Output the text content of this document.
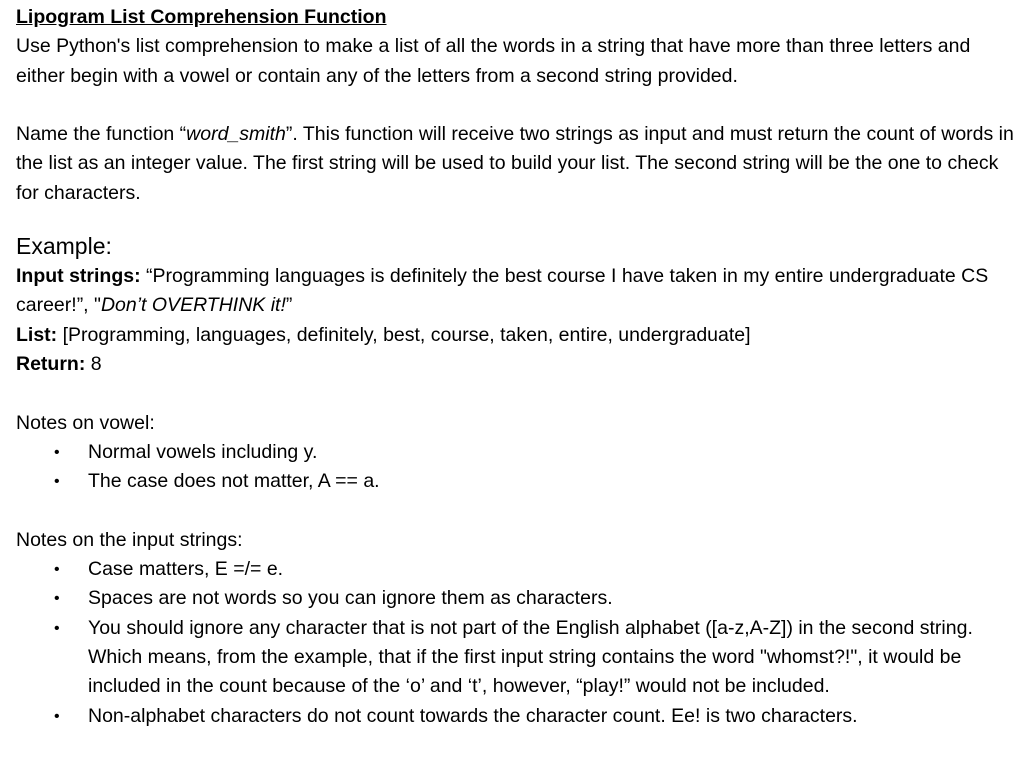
Lipogram List Comprehension Function

Use Python's list comprehension to make a list of all the words in a string that have more than three letters and either begin with a vowel or contain any of the letters from a second string provided.

Name the function “word_smith”. This function will receive two strings as input and must return the count of words in the list as an integer value. The first string will be used to build your list. The second string will be the one to check for characters.

Example:

Input strings: “Programming languages is definitely the best course I have taken in my entire undergraduate CS career!”, "Don’t OVERTHINK it!”

List: [Programming, languages, definitely, best, course, taken, entire, undergraduate]

Return: 8

Notes on vowel:

• Normal vowels including y.
• The case does not matter, A == a.

Notes on the input strings:

• Case matters, E =/= e.
• Spaces are not words so you can ignore them as characters.
• You should ignore any character that is not part of the English alphabet ([a-z,A-Z]) in the second string. Which means, from the example, that if the first input string contains the word "whomst?!", it would be included in the count because of the ‘o’ and ‘t’, however, “play!” would not be included.
• Non-alphabet characters do not count towards the character count. Ee! is two characters.
